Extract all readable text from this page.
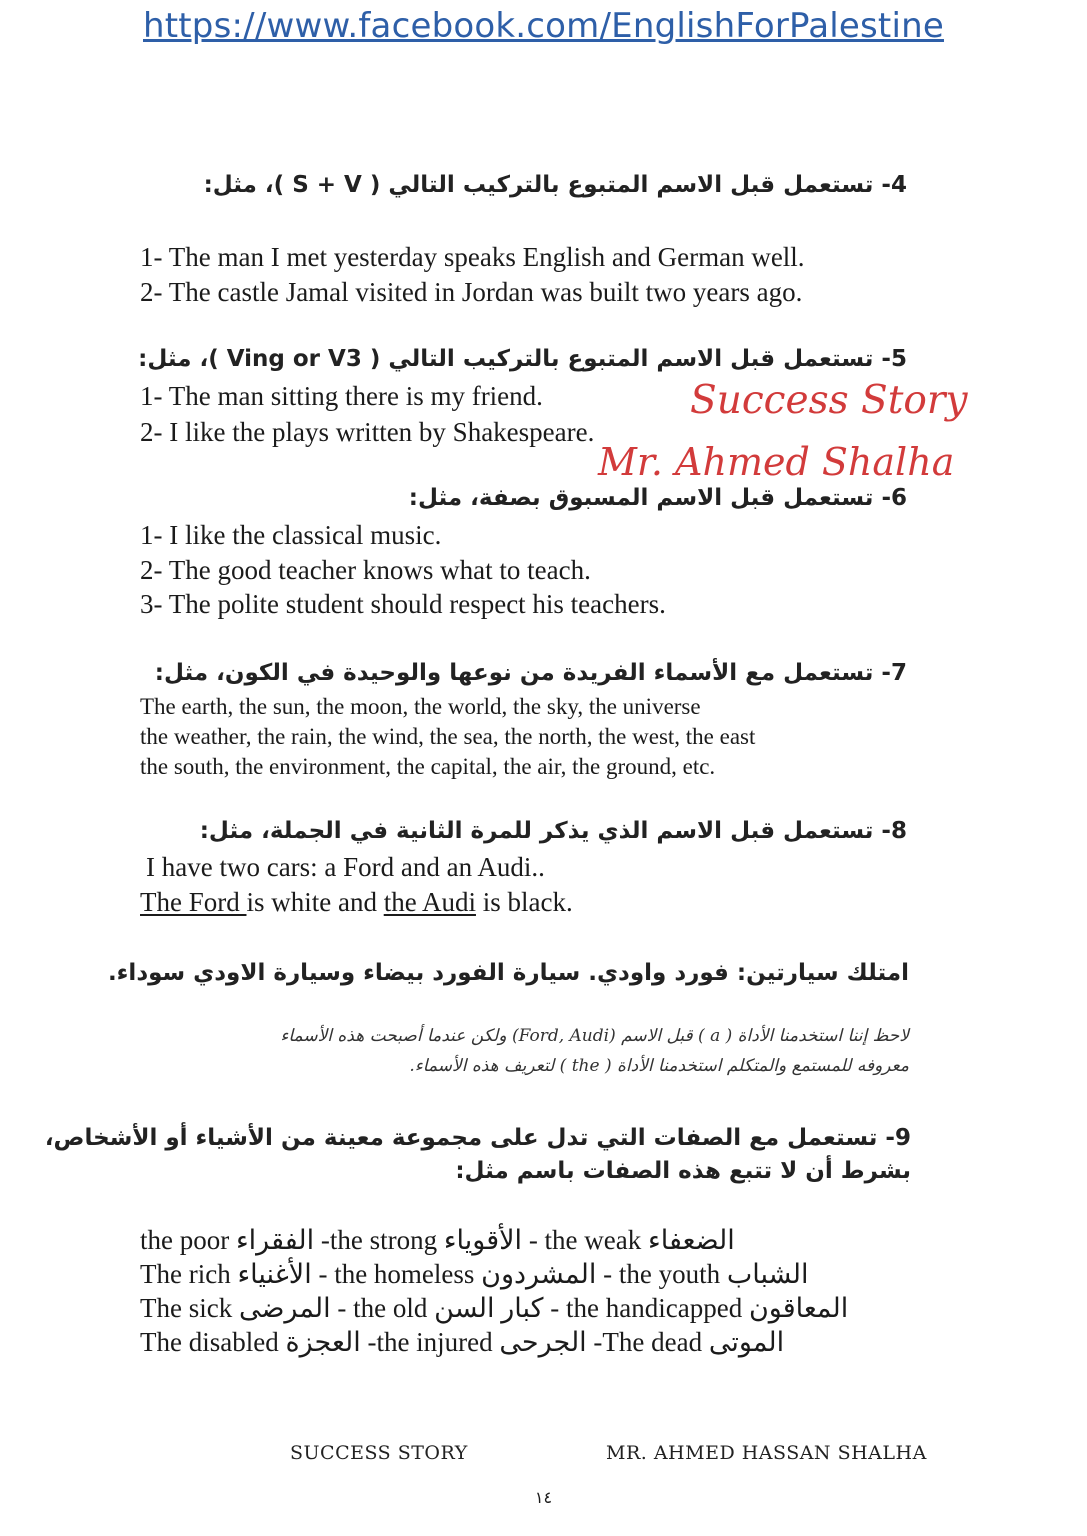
https://www.facebook.com/EnglishForPalestine
4- تستعمل قبل الاسم المتبوع بالتركيب التالي ( S + V )، مثل:
1- The man I met yesterday speaks English and German well.
2- The castle Jamal visited in Jordan was built two years ago.
5- تستعمل قبل الاسم المتبوع بالتركيب التالي ( Ving or V3 )، مثل:
1- The man sitting there is my friend.
2- I like the plays written by Shakespeare.
Success Story
Mr. Ahmed Shalha
6- تستعمل قبل الاسم المسبوق بصفة، مثل:
1- I like the classical music.
2- The good teacher knows what to teach.
3- The polite student should respect his teachers.
7- تستعمل مع الأسماء الفريدة من نوعها والوحيدة في الكون، مثل:
The earth, the sun, the moon, the world, the sky, the universe
the weather, the rain, the wind, the sea, the north, the west, the east
the south, the environment, the capital, the air, the ground, etc.
8- تستعمل قبل الاسم الذي يذكر للمرة الثانية في الجملة، مثل:
I have two cars: a Ford and an Audi..
The Ford is white and the Audi is black.
امتلك سيارتين: فورد واودي. سيارة الفورد بيضاء وسيارة الاودي سوداء.
لاحظ إننا استخدمنا الأداة ( a ) قبل الاسم (Ford, Audi) ولكن عندما أصبحت هذه الأسماء
معروفه للمستمع والمتكلم استخدمنا الأداة ( the ) لتعريف هذه الأسماء.
9- تستعمل مع الصفات التي تدل على مجموعة معينة من الأشياء أو الأشخاص،
بشرط أن لا تتبع هذه الصفات باسم مثل:
the poor الفقراء -the strong الأقوياء - the weak الضعفاء
The rich الأغنياء - the homeless المشردون - the youth الشباب
The sick المرضى - the old كبار السن - the handicapped المعاقون
The disabled العجزة -the injured الجرحى -The dead الموتى
SUCCESS STORY	MR. AHMED HASSAN SHALHA
١٤
